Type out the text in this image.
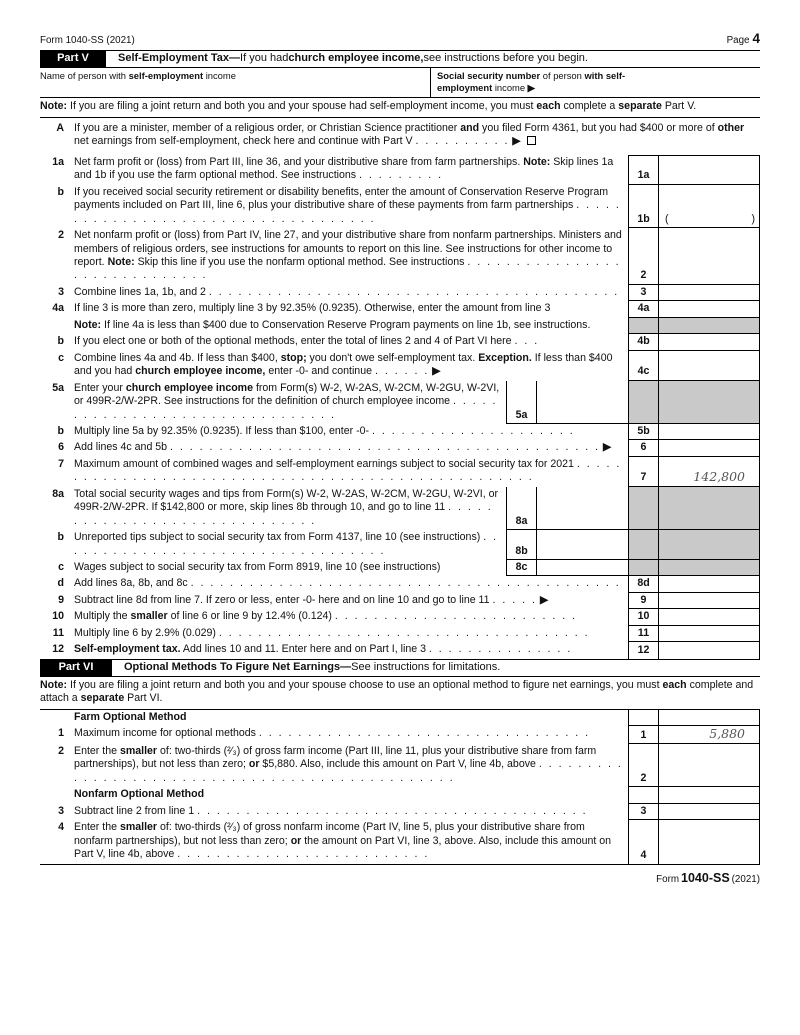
Form 1040-SS (2021)	Page 4
Part V	Self-Employment Tax— If you had church employee income, see instructions before you begin.
Name of person with self-employment income	Social security number of person with self-employment income ▶
Note: If you are filing a joint return and both you and your spouse had self-employment income, you must each complete a separate Part V.
A If you are a minister, member of a religious order, or Christian Science practitioner and you filed Form 4361, but you had $400 or more of other net earnings from self-employment, check here and continue with Part V . . . . . . . . . . ▶
1a Net farm profit or (loss) from Part III, line 36, and your distributive share from farm partnerships. Note: Skip lines 1a and 1b if you use the farm optional method. See instructions . . . . . . . . .	1a
b If you received social security retirement or disability benefits, enter the amount of Conservation Reserve Program payments included on Part III, line 6, plus your distributive share of these payments from farm partnerships . . . . . . . . . . . . . . . . . . . . . . . . . . . . . . . . . . . .	1b	(	)
2 Net nonfarm profit or (loss) from Part IV, line 27, and your distributive share from nonfarm partnerships. Ministers and members of religious orders, see instructions for amounts to report on this line. See instructions for other income to report. Note: Skip this line if you use the nonfarm optional method. See instructions . . . . . . . . . . . . . . . . . . . . . . . . . . . . . .	2
3 Combine lines 1a, 1b, and 2 . . . . . . . . . . . . . . . . . . . . . . . . . . . . . . . . . . . . . . . . . .	3
4a If line 3 is more than zero, multiply line 3 by 92.35% (0.9235). Otherwise, enter the amount from line 3	4a
Note: If line 4a is less than $400 due to Conservation Reserve Program payments on line 1b, see instructions.
b If you elect one or both of the optional methods, enter the total of lines 2 and 4 of Part VI here . . .	4b
c Combine lines 4a and 4b. If less than $400, stop; you don't owe self-employment tax. Exception. If less than $400 and you had church employee income, enter -0- and continue . . . . . . ▶	4c
5a Enter your church employee income from Form(s) W-2, W-2AS, W-2CM, W-2GU, W-2VI, or 499R-2/W-2PR. See instructions for the definition of church employee income . . . . . . . . . . . . . . . . . . . . . . . . . . . . . . . .	5a
b Multiply line 5a by 92.35% (0.9235). If less than $100, enter -0- . . . . . . . . . . . . . . . . . . . . .	5b
6 Add lines 4c and 5b . . . . . . . . . . . . . . . . . . . . . . . . . . . . . . . . . . . . . . . . . . . . ▶	6
7 Maximum amount of combined wages and self-employment earnings subject to social security tax for 2021 . . . . . . . . . . . . . . . . . . . . . . . . . . . . . . . . . . . . . . . . . . . . . . . . . . . .	7	142,800
8a Total social security wages and tips from Form(s) W-2, W-2AS, W-2CM, W-2GU, W-2VI, or 499R-2/W-2PR. If $142,800 or more, skip lines 8b through 10, and go to line 11 . . . . . . . . . . . . . . . . . . . . . . . . . . . . . .	8a
b Unreported tips subject to social security tax from Form 4137, line 10 (see instructions) . . . . . . . . . . . . . . . . . . . . . . . . . . . . . . . . . .	8b
c Wages subject to social security tax from Form 8919, line 10 (see instructions)	8c
d Add lines 8a, 8b, and 8c . . . . . . . . . . . . . . . . . . . . . . . . . . . . . . . . . . . . . . . . . . . .	8d
9 Subtract line 8d from line 7. If zero or less, enter -0- here and on line 10 and go to line 11 . . . . . ▶	9
10 Multiply the smaller of line 6 or line 9 by 12.4% (0.124) . . . . . . . . . . . . . . . . . . . . . . . . .	10
11 Multiply line 6 by 2.9% (0.029) . . . . . . . . . . . . . . . . . . . . . . . . . . . . . . . . . . . . . .	11
12 Self-employment tax. Add lines 10 and 11. Enter here and on Part I, line 3 . . . . . . . . . . . . . . .	12
Part VI	Optional Methods To Figure Net Earnings— See instructions for limitations.
Note: If you are filing a joint return and both you and your spouse choose to use an optional method to figure net earnings, you must each complete and attach a separate Part VI.
Farm Optional Method
1 Maximum income for optional methods . . . . . . . . . . . . . . . . . . . . . . . . . . . . . . . . . .	1	5,880
2 Enter the smaller of: two-thirds (²⁄₃) of gross farm income (Part III, line 11, plus your distributive share from farm partnerships), but not less than zero; or $5,880. Also, include this amount on Part V, line 4b, above . . . . . . . . . . . . . . . . . . . . . . . . . . . . . . . . . . . . . . . . . . . . . . . .	2
Nonfarm Optional Method
3 Subtract line 2 from line 1 . . . . . . . . . . . . . . . . . . . . . . . . . . . . . . . . . . . . . . . .	3
4 Enter the smaller of: two-thirds (²⁄₃) of gross nonfarm income (Part IV, line 5, plus your distributive share from nonfarm partnerships), but not less than zero; or the amount on Part VI, line 3, above. Also, include this amount on Part V, line 4b, above . . . . . . . . . . . . . . . . . . . . . . . . . .	4
Form 1040-SS (2021)
